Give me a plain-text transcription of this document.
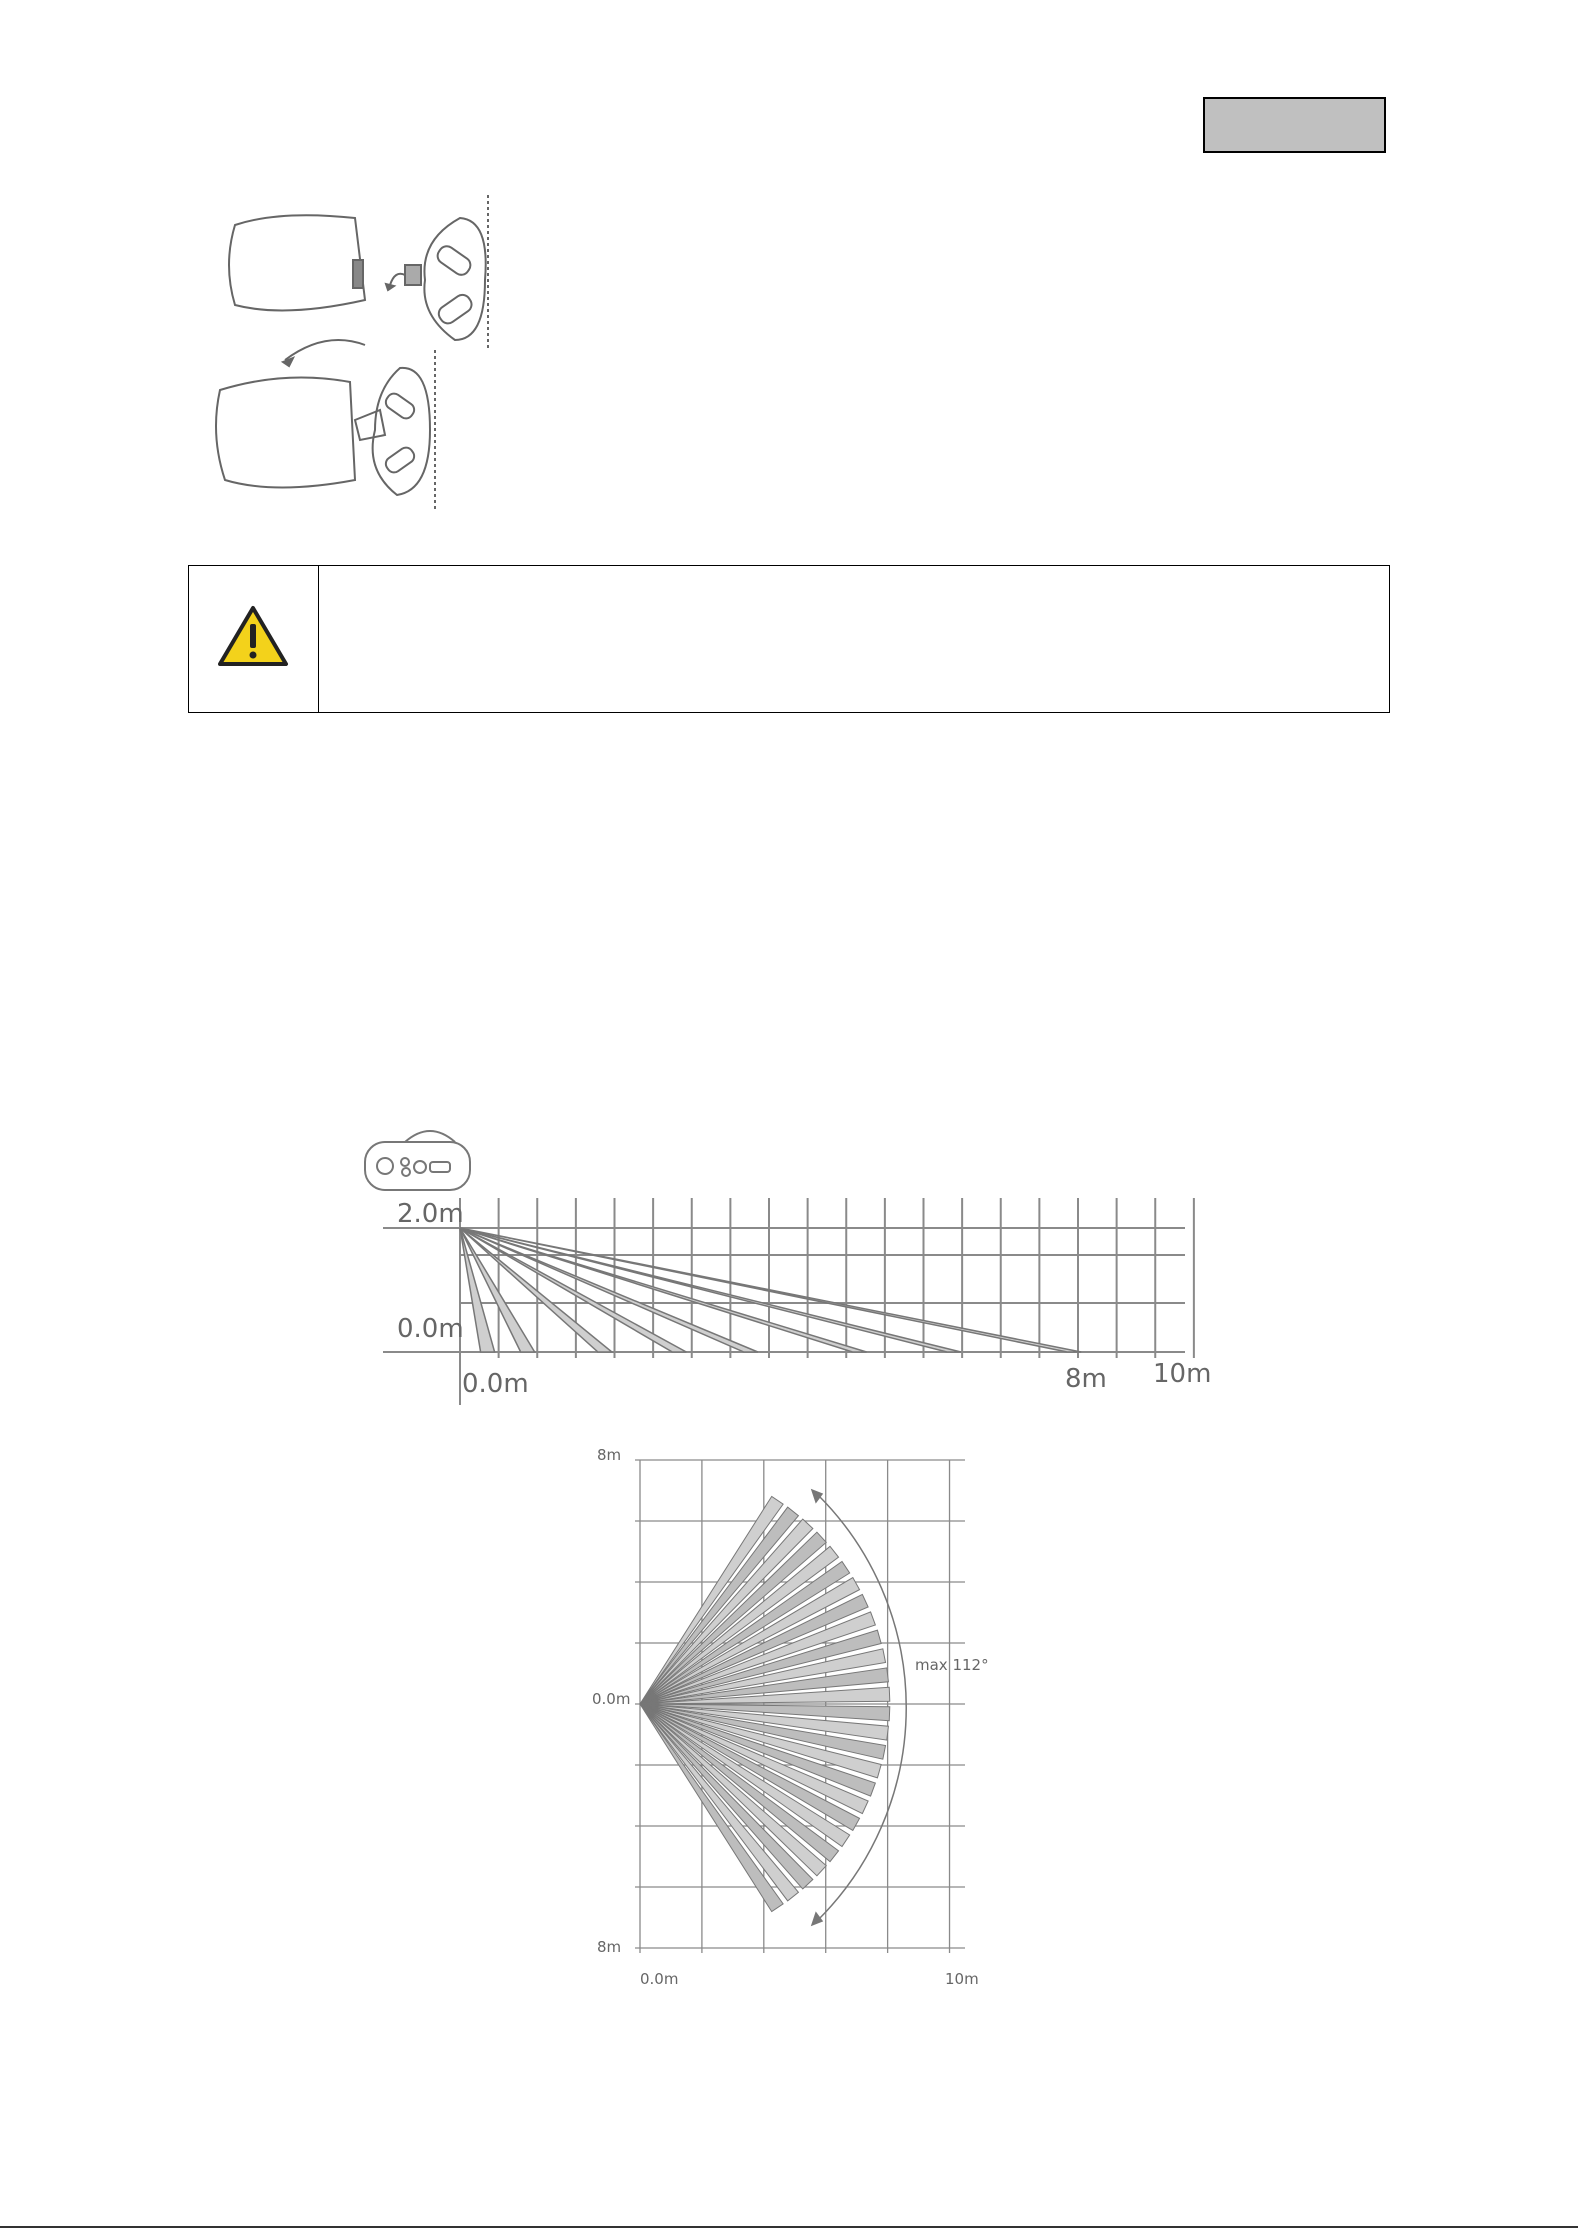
2.0m
0.0m
0.0m	8m 10m
max 112°
8m
0.0m
8m
0.0m	10m
